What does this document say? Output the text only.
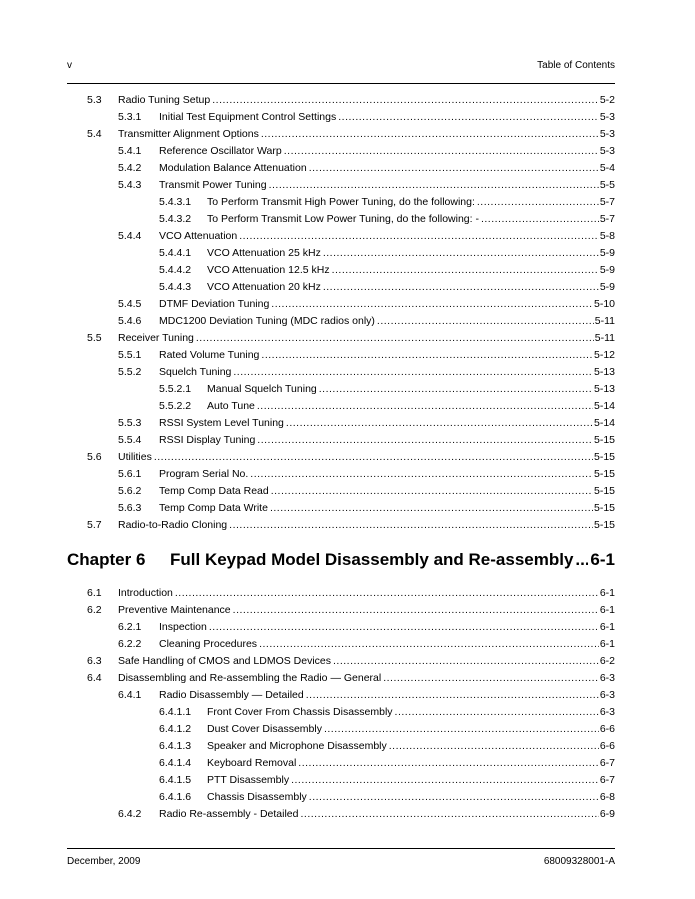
v	Table of Contents
5.3 Radio Tuning Setup .....	5-2
5.3.1 Initial Test Equipment Control Settings .....	5-3
5.4 Transmitter Alignment Options .....	5-3
5.4.1 Reference Oscillator Warp .....	5-3
5.4.2 Modulation Balance Attenuation .....	5-4
5.4.3 Transmit Power Tuning .....	5-5
5.4.3.1 To Perform Transmit High Power Tuning, do the following: .....	5-7
5.4.3.2 To Perform Transmit Low Power Tuning, do the following: - .....	5-7
5.4.4 VCO Attenuation .....	5-8
5.4.4.1 VCO Attenuation 25 kHz .....	5-9
5.4.4.2 VCO Attenuation 12.5 kHz .....	5-9
5.4.4.3 VCO Attenuation 20 kHz .....	5-9
5.4.5 DTMF Deviation Tuning .....	5-10
5.4.6 MDC1200 Deviation Tuning (MDC radios only) .....	5-11
5.5 Receiver Tuning .....	5-11
5.5.1 Rated Volume Tuning .....	5-12
5.5.2 Squelch Tuning .....	5-13
5.5.2.1 Manual Squelch Tuning .....	5-13
5.5.2.2 Auto Tune .....	5-14
5.5.3 RSSI System Level Tuning .....	5-14
5.5.4 RSSI Display Tuning .....	5-15
5.6 Utilities .....	5-15
5.6.1 Program Serial No. .....	5-15
5.6.2 Temp Comp Data Read .....	5-15
5.6.3 Temp Comp Data Write .....	5-15
5.7 Radio-to-Radio Cloning .....	5-15
Chapter 6	Full Keypad Model Disassembly and Re-assembly ..... 6-1
6.1 Introduction .....	6-1
6.2 Preventive Maintenance .....	6-1
6.2.1 Inspection .....	6-1
6.2.2 Cleaning Procedures .....	6-1
6.3 Safe Handling of CMOS and LDMOS Devices .....	6-2
6.4 Disassembling and Re-assembling the Radio — General .....	6-3
6.4.1 Radio Disassembly — Detailed .....	6-3
6.4.1.1 Front Cover From Chassis Disassembly .....	6-3
6.4.1.2 Dust Cover Disassembly .....	6-6
6.4.1.3 Speaker and Microphone Disassembly .....	6-6
6.4.1.4 Keyboard Removal .....	6-7
6.4.1.5 PTT Disassembly .....	6-7
6.4.1.6 Chassis Disassembly .....	6-8
6.4.2 Radio Re-assembly - Detailed .....	6-9
December, 2009	68009328001-A
